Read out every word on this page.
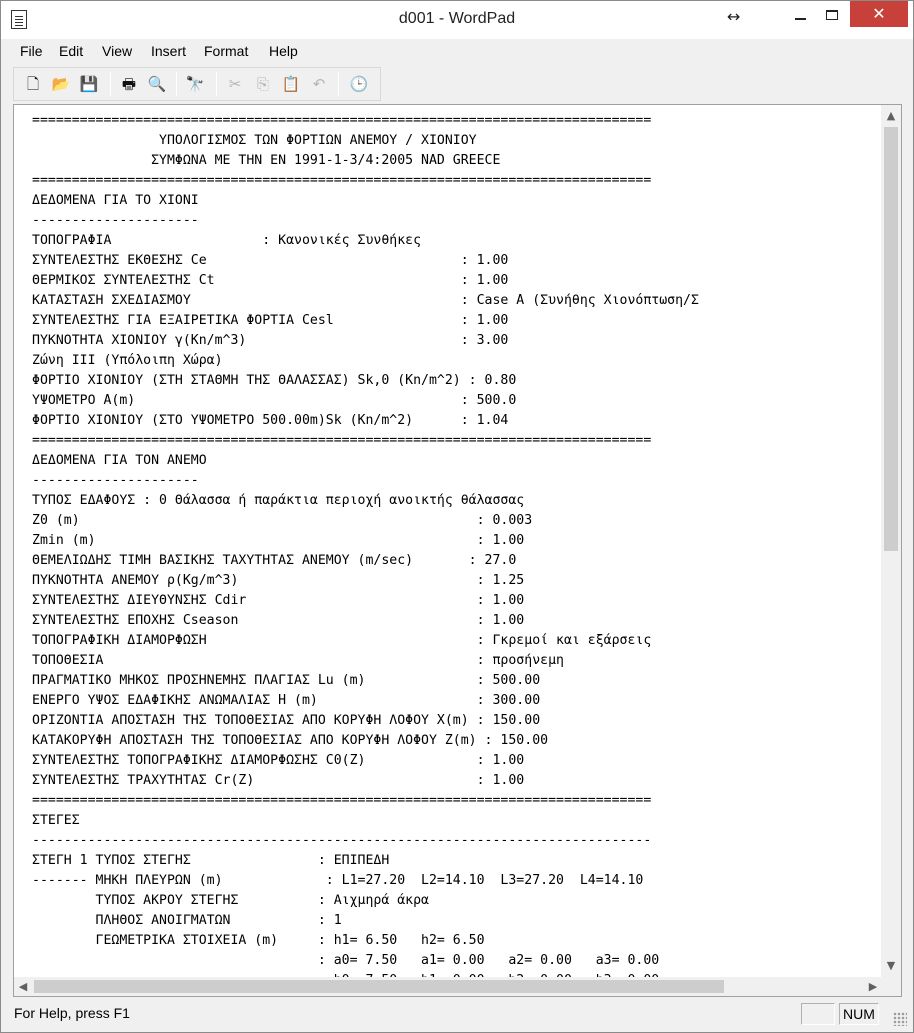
d001 - WordPad	↔	✕
File Edit View Insert Format Help
🗋 📂 💾	🖶 🔍 🔭	✂	⎘ 📋 ↶	🕒
==============================================================================
ΥΠΟΛΟΓΙΣΜΟΣ ΤΩΝ ΦΟΡΤΙΩΝ ΑΝΕΜΟΥ / ΧΙΟΝΙΟΥ
ΣΥΜΦΩΝΑ ΜΕ ΤΗΝ ΕΝ 1991-1-3/4:2005 NAD GREECE
==============================================================================
ΔΕΔΟΜΕΝΑ ΓΙΑ ΤΟ ΧΙΟΝΙ
---------------------
ΤΟΠΟΓΡΑΦΙΑ                   : Κανονικές Συνθήκες
ΣΥΝΤΕΛΕΣΤΗΣ ΕΚΘΕΣΗΣ Ce                                : 1.00
ΘΕΡΜΙΚΟΣ ΣΥΝΤΕΛΕΣΤΗΣ Ct                               : 1.00
ΚΑΤΑΣΤΑΣΗ ΣΧΕΔΙΑΣΜΟΥ                                  : Case A (Συνήθης Χιονόπτωση/Σ
ΣΥΝΤΕΛΕΣΤΗΣ ΓΙΑ ΕΞΑΙΡΕΤΙΚΑ ΦΟΡΤΙΑ Cesl                : 1.00
ΠΥΚΝΟΤΗΤΑ ΧΙΟΝΙΟΥ γ(Kn/m^3)                           : 3.00
Ζώνη ΙΙΙ (Υπόλοιπη Χώρα)
ΦΟΡΤΙΟ ΧΙΟΝΙΟΥ (ΣΤΗ ΣΤΑΘΜΗ ΤΗΣ ΘΑΛΑΣΣΑΣ) Sk,0 (Kn/m^2) : 0.80
ΥΨΟΜΕΤΡΟ A(m)                                         : 500.0
ΦΟΡΤΙΟ ΧΙΟΝΙΟΥ (ΣΤΟ ΥΨΟΜΕΤΡΟ 500.00m)Sk (Kn/m^2)      : 1.04
==============================================================================
ΔΕΔΟΜΕΝΑ ΓΙΑ ΤΟΝ ΑΝΕΜΟ
---------------------
ΤΥΠΟΣ ΕΔΑΦΟΥΣ : 0 Θάλασσα ή παράκτια περιοχή ανοικτής θάλασσας
Z0 (m)                                                  : 0.003
Zmin (m)                                                : 1.00
ΘΕΜΕΛΙΩΔΗΣ ΤΙΜΗ ΒΑΣΙΚΗΣ ΤΑΧΥΤΗΤΑΣ ΑΝΕΜΟΥ (m/sec)       : 27.0
ΠΥΚΝΟΤΗΤΑ ΑΝΕΜΟΥ ρ(Kg/m^3)                              : 1.25
ΣΥΝΤΕΛΕΣΤΗΣ ΔΙΕΥΘΥΝΣΗΣ Cdir                             : 1.00
ΣΥΝΤΕΛΕΣΤΗΣ ΕΠΟΧΗΣ Cseason                              : 1.00
ΤΟΠΟΓΡΑΦΙΚΗ ΔΙΑΜΟΡΦΩΣΗ                                  : Γκρεμοί και εξάρσεις
ΤΟΠΟΘΕΣΙΑ                                               : προσήνεμη
ΠΡΑΓΜΑΤΙΚΟ ΜΗΚΟΣ ΠΡΟΣΗΝΕΜΗΣ ΠΛΑΓΙΑΣ Lu (m)              : 500.00
ΕΝΕΡΓΟ ΥΨΟΣ ΕΔΑΦΙΚΗΣ ΑΝΩΜΑΛΙΑΣ H (m)                    : 300.00
ΟΡΙΖΟΝΤΙΑ ΑΠΟΣΤΑΣΗ ΤΗΣ ΤΟΠΟΘΕΣΙΑΣ ΑΠΟ ΚΟΡΥΦΗ ΛΟΦΟΥ X(m) : 150.00
ΚΑΤΑΚΟΡΥΦΗ ΑΠΟΣΤΑΣΗ ΤΗΣ ΤΟΠΟΘΕΣΙΑΣ ΑΠΟ ΚΟΡΥΦΗ ΛΟΦΟΥ Z(m) : 150.00
ΣΥΝΤΕΛΕΣΤΗΣ ΤΟΠΟΓΡΑΦΙΚΗΣ ΔΙΑΜΟΡΦΩΣΗΣ C0(Z)              : 1.00
ΣΥΝΤΕΛΕΣΤΗΣ ΤΡΑΧΥΤΗΤΑΣ Cr(Z)                            : 1.00
==============================================================================
ΣΤΕΓΕΣ
------------------------------------------------------------------------------
ΣΤΕΓΗ 1 ΤΥΠΟΣ ΣΤΕΓΗΣ                : ΕΠΙΠΕΔΗ
------- ΜΗΚΗ ΠΛΕΥΡΩΝ (m)             : L1=27.20  L2=14.10  L3=27.20  L4=14.10
ΤΥΠΟΣ ΑΚΡΟΥ ΣΤΕΓΗΣ          : Αιχμηρά άκρα
ΠΛΗΘΟΣ ΑΝΟΙΓΜΑΤΩΝ           : 1
ΓΕΩΜΕΤΡΙΚΑ ΣΤΟΙΧΕΙΑ (m)     : h1= 6.50   h2= 6.50
: a0= 7.50   a1= 0.00   a2= 0.00   a3= 0.00
▲
▼
◀	▶
For Help, press F1	NUM
